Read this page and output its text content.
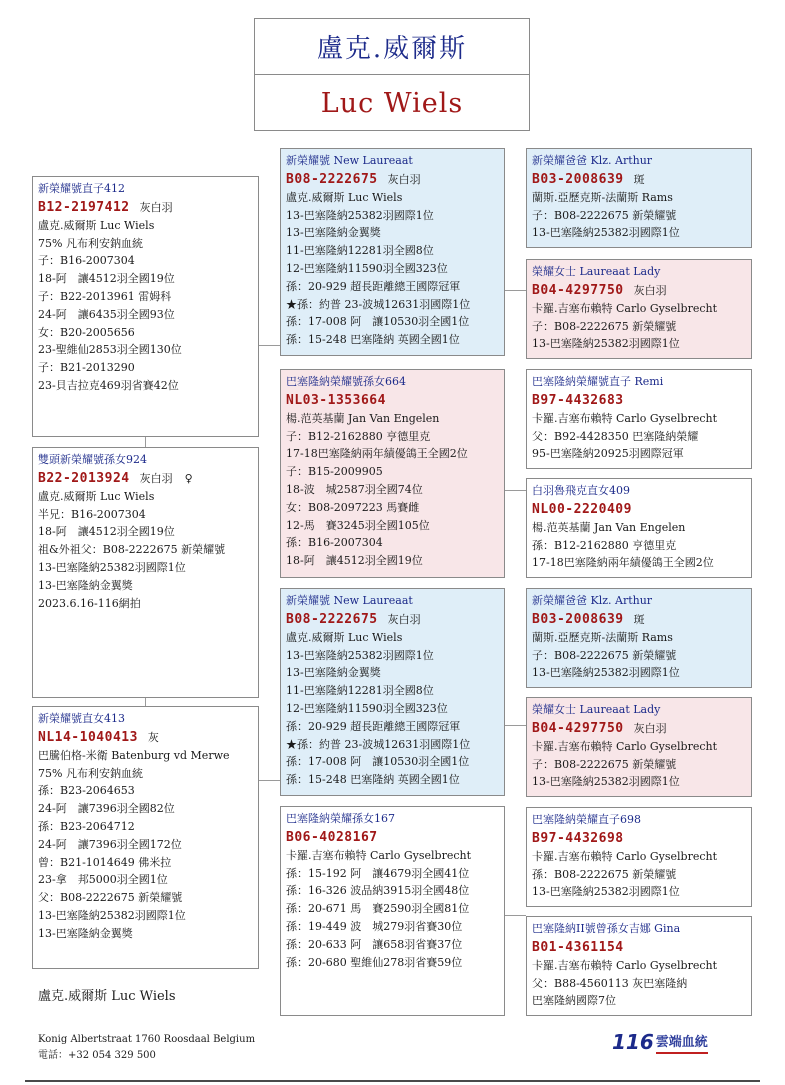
盧克.威爾斯
Luc Wiels
新榮耀號直子412
B12-2197412 灰白羽
盧克.威爾斯 Luc Wiels
75% 凡布利安鈉血統
子：B16-2007304
18-阿　讓4512羽全國19位
子：B22-2013961 雷姆科
24-阿　讓6435羽全國93位
女：B20-2005656
23-聖維仙2853羽全國130位
子：B21-2013290
23-貝吉拉克469羽省賽42位
雙頭新榮耀號孫女924
B22-2013924 灰白羽 ♀
盧克.威爾斯 Luc Wiels
半兄：B16-2007304
18-阿　讓4512羽全國19位
祖&外祖父：B08-2222675 新榮耀號
13-巴塞隆納25382羽國際1位
13-巴塞隆納金翼獎
2023.6.16-116網拍
新榮耀號直女413
NL14-1040413 灰
巴騰伯格-米衛 Batenburg vd Merwe
75% 凡布利安鈉血統
孫：B23-2064653
24-阿　讓7396羽全國82位
孫：B23-2064712
24-阿　讓7396羽全國172位
曾：B21-1014649 佛米拉
23-拿　邦5000羽全國1位
父：B08-2222675 新榮耀號
13-巴塞隆納25382羽國際1位
13-巴塞隆納金翼獎
新榮耀號 New Laureaat
B08-2222675 灰白羽
盧克.威爾斯 Luc Wiels
13-巴塞隆納25382羽國際1位
13-巴塞隆納金翼獎
11-巴塞隆納12281羽全國8位
12-巴塞隆納11590羽全國323位
孫：20-929 超長距離總王國際冠軍
★孫：約普 23-波城12631羽國際1位
孫：17-008 阿　讓10530羽全國1位
孫：15-248 巴塞隆納 英國全國1位
巴塞隆納榮耀號孫女664
NL03-1353664
楊.范英基蘭 Jan Van Engelen
子：B12-2162880 亨德里克
17-18巴塞隆納兩年績優鴿王全國2位
子：B15-2009905
18-波　城2587羽全國74位
女：B08-2097223 馬賽雌
12-馬　賽3245羽全國105位
孫：B16-2007304
18-阿　讓4512羽全國19位
新榮耀號 New Laureaat
B08-2222675 灰白羽
盧克.威爾斯 Luc Wiels
13-巴塞隆納25382羽國際1位
13-巴塞隆納金翼獎
11-巴塞隆納12281羽全國8位
12-巴塞隆納11590羽全國323位
孫：20-929 超長距離總王國際冠軍
★孫：約普 23-波城12631羽國際1位
孫：17-008 阿　讓10530羽全國1位
孫：15-248 巴塞隆納 英國全國1位
巴塞隆納榮耀孫女167
B06-4028167
卡羅.吉塞布賴特 Carlo Gyselbrecht
孫：15-192 阿　讓4679羽全國41位
孫：16-326 波品納3915羽全國48位
孫：20-671 馬　賽2590羽全國81位
孫：19-449 波　城279羽省賽30位
孫：20-633 阿　讓658羽省賽37位
孫：20-680 聖維仙278羽省賽59位
新榮耀爸爸 Klz. Arthur
B03-2008639 斑
蘭斯.亞歷克斯-法蘭斯 Rams
子：B08-2222675 新榮耀號
13-巴塞隆納25382羽國際1位
榮耀女士 Laureaat Lady
B04-4297750 灰白羽
卡羅.吉塞布賴特 Carlo Gyselbrecht
子：B08-2222675 新榮耀號
13-巴塞隆納25382羽國際1位
巴塞隆納榮耀號直子 Remi
B97-4432683
卡羅.吉塞布賴特 Carlo Gyselbrecht
父：B92-4428350 巴塞隆納榮耀
95-巴塞隆納20925羽國際冠軍
白羽魯飛克直女409
NL00-2220409
楊.范英基蘭 Jan Van Engelen
孫：B12-2162880 亨德里克
17-18巴塞隆納兩年績優鴿王全國2位
新榮耀爸爸 Klz. Arthur
B03-2008639 斑
蘭斯.亞歷克斯-法蘭斯 Rams
子：B08-2222675 新榮耀號
13-巴塞隆納25382羽國際1位
榮耀女士 Laureaat Lady
B04-4297750 灰白羽
卡羅.吉塞布賴特 Carlo Gyselbrecht
子：B08-2222675 新榮耀號
13-巴塞隆納25382羽國際1位
巴塞隆納榮耀直子698
B97-4432698
卡羅.吉塞布賴特 Carlo Gyselbrecht
孫：B08-2222675 新榮耀號
13-巴塞隆納25382羽國際1位
巴塞隆納II號曾孫女吉娜 Gina
B01-4361154
卡羅.吉塞布賴特 Carlo Gyselbrecht
父：B88-4560113 灰巴塞隆納
巴塞隆納國際7位
盧克.威爾斯 Luc Wiels
Konig Albertstraat 1760 Roosdaal Belgium
電話：+32 054 329 500
116 雲端血統
